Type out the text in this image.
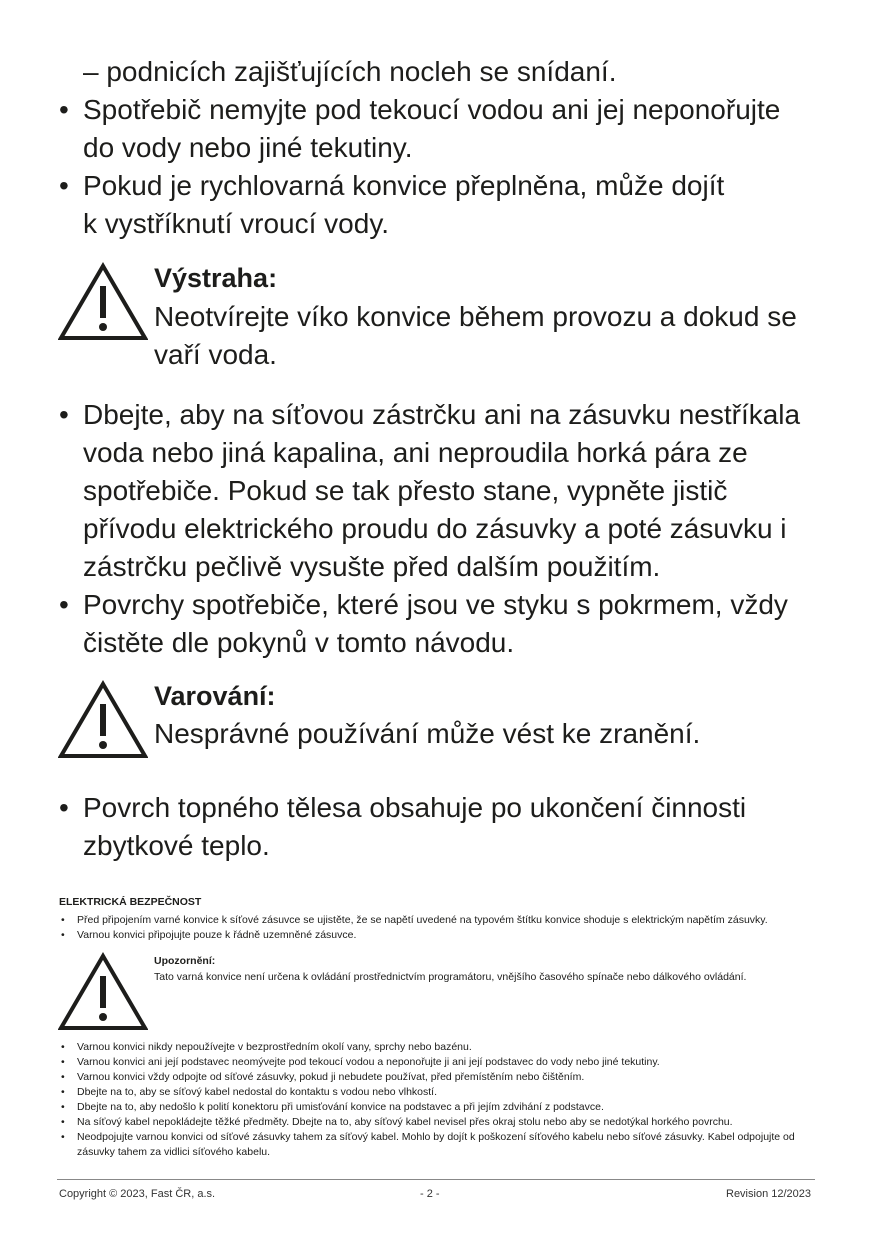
– podnicích zajišťujících nocleh se snídaní.
• Spotřebič nemyjte pod tekoucí vodou ani jej neponořujte do vody nebo jiné tekutiny.
• Pokud je rychlovarná konvice přeplněna, může dojít k vystříknutí vroucí vody.
Výstraha:
Neotvírejte víko konvice během provozu a dokud se vaří voda.
• Dbejte, aby na síťovou zástrčku ani na zásuvku nestříkala voda nebo jiná kapalina, ani neproudila horká pára ze spotřebiče. Pokud se tak přesto stane, vypněte jistič přívodu elektrického proudu do zásuvky a poté zásuvku i zástrčku pečlivě vysušte před dalším použitím.
• Povrchy spotřebiče, které jsou ve styku s pokrmem, vždy čistěte dle pokynů v tomto návodu.
Varování:
Nesprávné používání může vést ke zranění.
• Povrch topného tělesa obsahuje po ukončení činnosti zbytkové teplo.
ELEKTRICKÁ BEZPEČNOST
• Před připojením varné konvice k síťové zásuvce se ujistěte, že se napětí uvedené na typovém štítku konvice shoduje s elektrickým napětím zásuvky.
• Varnou konvici připojujte pouze k řádně uzemněné zásuvce.
Upozornění:
Tato varná konvice není určena k ovládání prostřednictvím programátoru, vnějšího časového spínače nebo dálkového ovládání.
• Varnou konvici nikdy nepoužívejte v bezprostředním okolí vany, sprchy nebo bazénu.
• Varnou konvici ani její podstavec neomývejte pod tekoucí vodou a neponořujte ji ani její podstavec do vody nebo jiné tekutiny.
• Varnou konvici vždy odpojte od síťové zásuvky, pokud ji nebudete používat, před přemístěním nebo čištěním.
• Dbejte na to, aby se síťový kabel nedostal do kontaktu s vodou nebo vlhkostí.
• Dbejte na to, aby nedošlo k polití konektoru při umisťování konvice na podstavec a při jejím zdvihání z podstavce.
• Na síťový kabel nepokládejte těžké předměty. Dbejte na to, aby síťový kabel nevisel přes okraj stolu nebo aby se nedotýkal horkého povrchu.
• Neodpojujte varnou konvici od síťové zásuvky tahem za síťový kabel. Mohlo by dojít k poškození síťového kabelu nebo síťové zásuvky. Kabel odpojujte od zásuvky tahem za vidlici síťového kabelu.
Copyright © 2023, Fast ČR, a.s.	- 2 -	Revision 12/2023
